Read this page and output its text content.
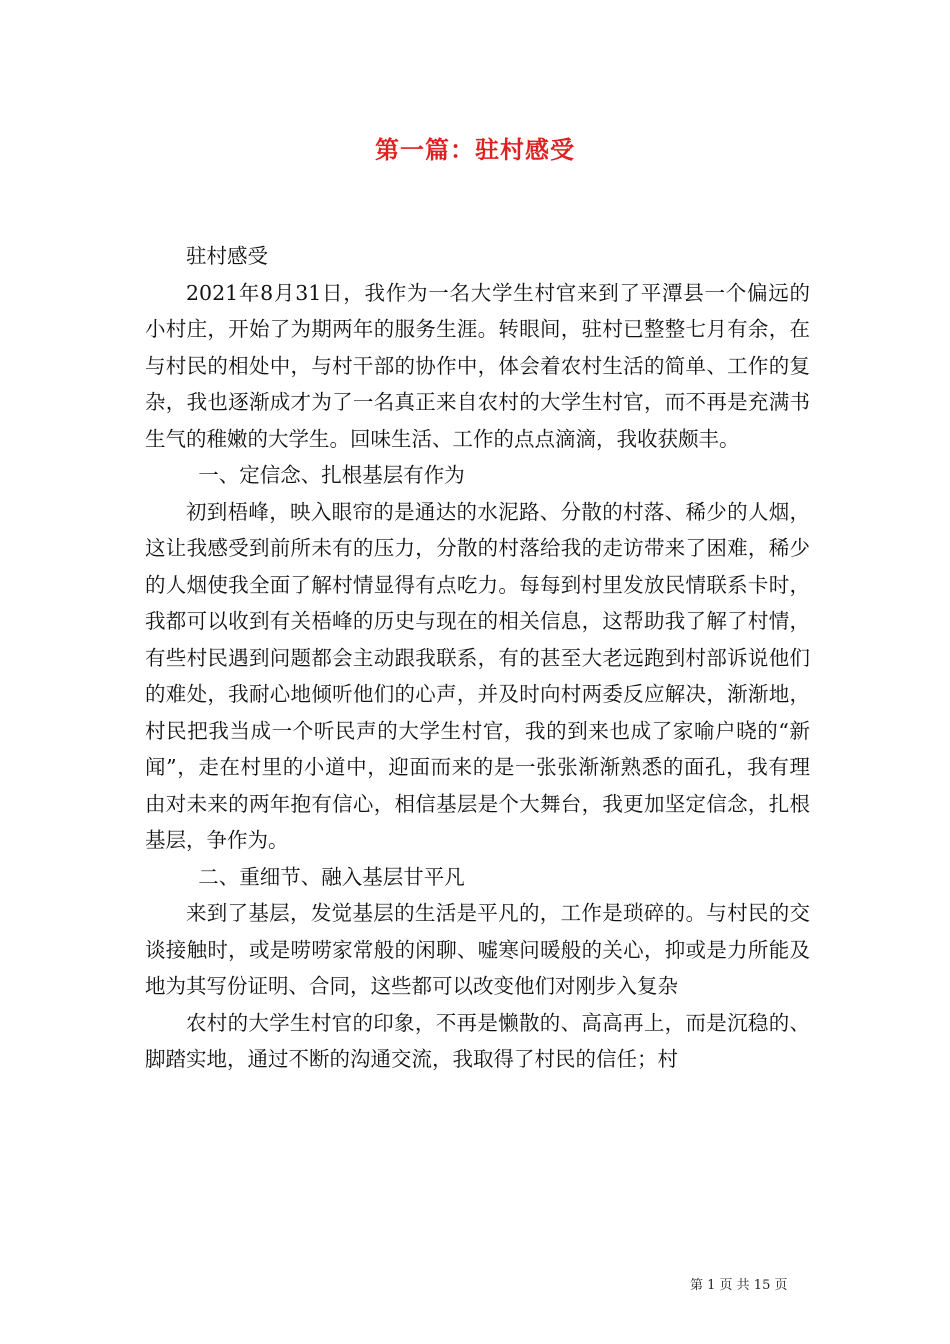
第一篇：驻村感受

驻村感受

2021年8月31日，我作为一名大学生村官来到了平潭县一个偏远的小村庄，开始了为期两年的服务生涯。转眼间，驻村已整整七月有余，在与村民的相处中，与村干部的协作中，体会着农村生活的简单、工作的复杂，我也逐渐成才为了一名真正来自农村的大学生村官，而不再是充满书生气的稚嫩的大学生。回味生活、工作的点点滴滴，我收获颇丰。

一、定信念、扎根基层有作为

初到梧峰，映入眼帘的是通达的水泥路、分散的村落、稀少的人烟，这让我感受到前所未有的压力，分散的村落给我的走访带来了困难，稀少的人烟使我全面了解村情显得有点吃力。每每到村里发放民情联系卡时，我都可以收到有关梧峰的历史与现在的相关信息，这帮助我了解了村情，有些村民遇到问题都会主动跟我联系，有的甚至大老远跑到村部诉说他们的难处，我耐心地倾听他们的心声，并及时向村两委反应解决，渐渐地，村民把我当成一个听民声的大学生村官，我的到来也成了家喻户晓的“新闻”，走在村里的小道中，迎面而来的是一张张渐渐熟悉的面孔，我有理由对未来的两年抱有信心，相信基层是个大舞台，我更加坚定信念，扎根基层，争作为。

二、重细节、融入基层甘平凡

来到了基层，发觉基层的生活是平凡的，工作是琐碎的。与村民的交谈接触时，或是唠唠家常般的闲聊、嘘寒问暖般的关心，抑或是力所能及地为其写份证明、合同，这些都可以改变他们对刚步入复杂

农村的大学生村官的印象，不再是懒散的、高高再上，而是沉稳的、脚踏实地，通过不断的沟通交流，我取得了村民的信任；村

第 1 页 共 15 页
